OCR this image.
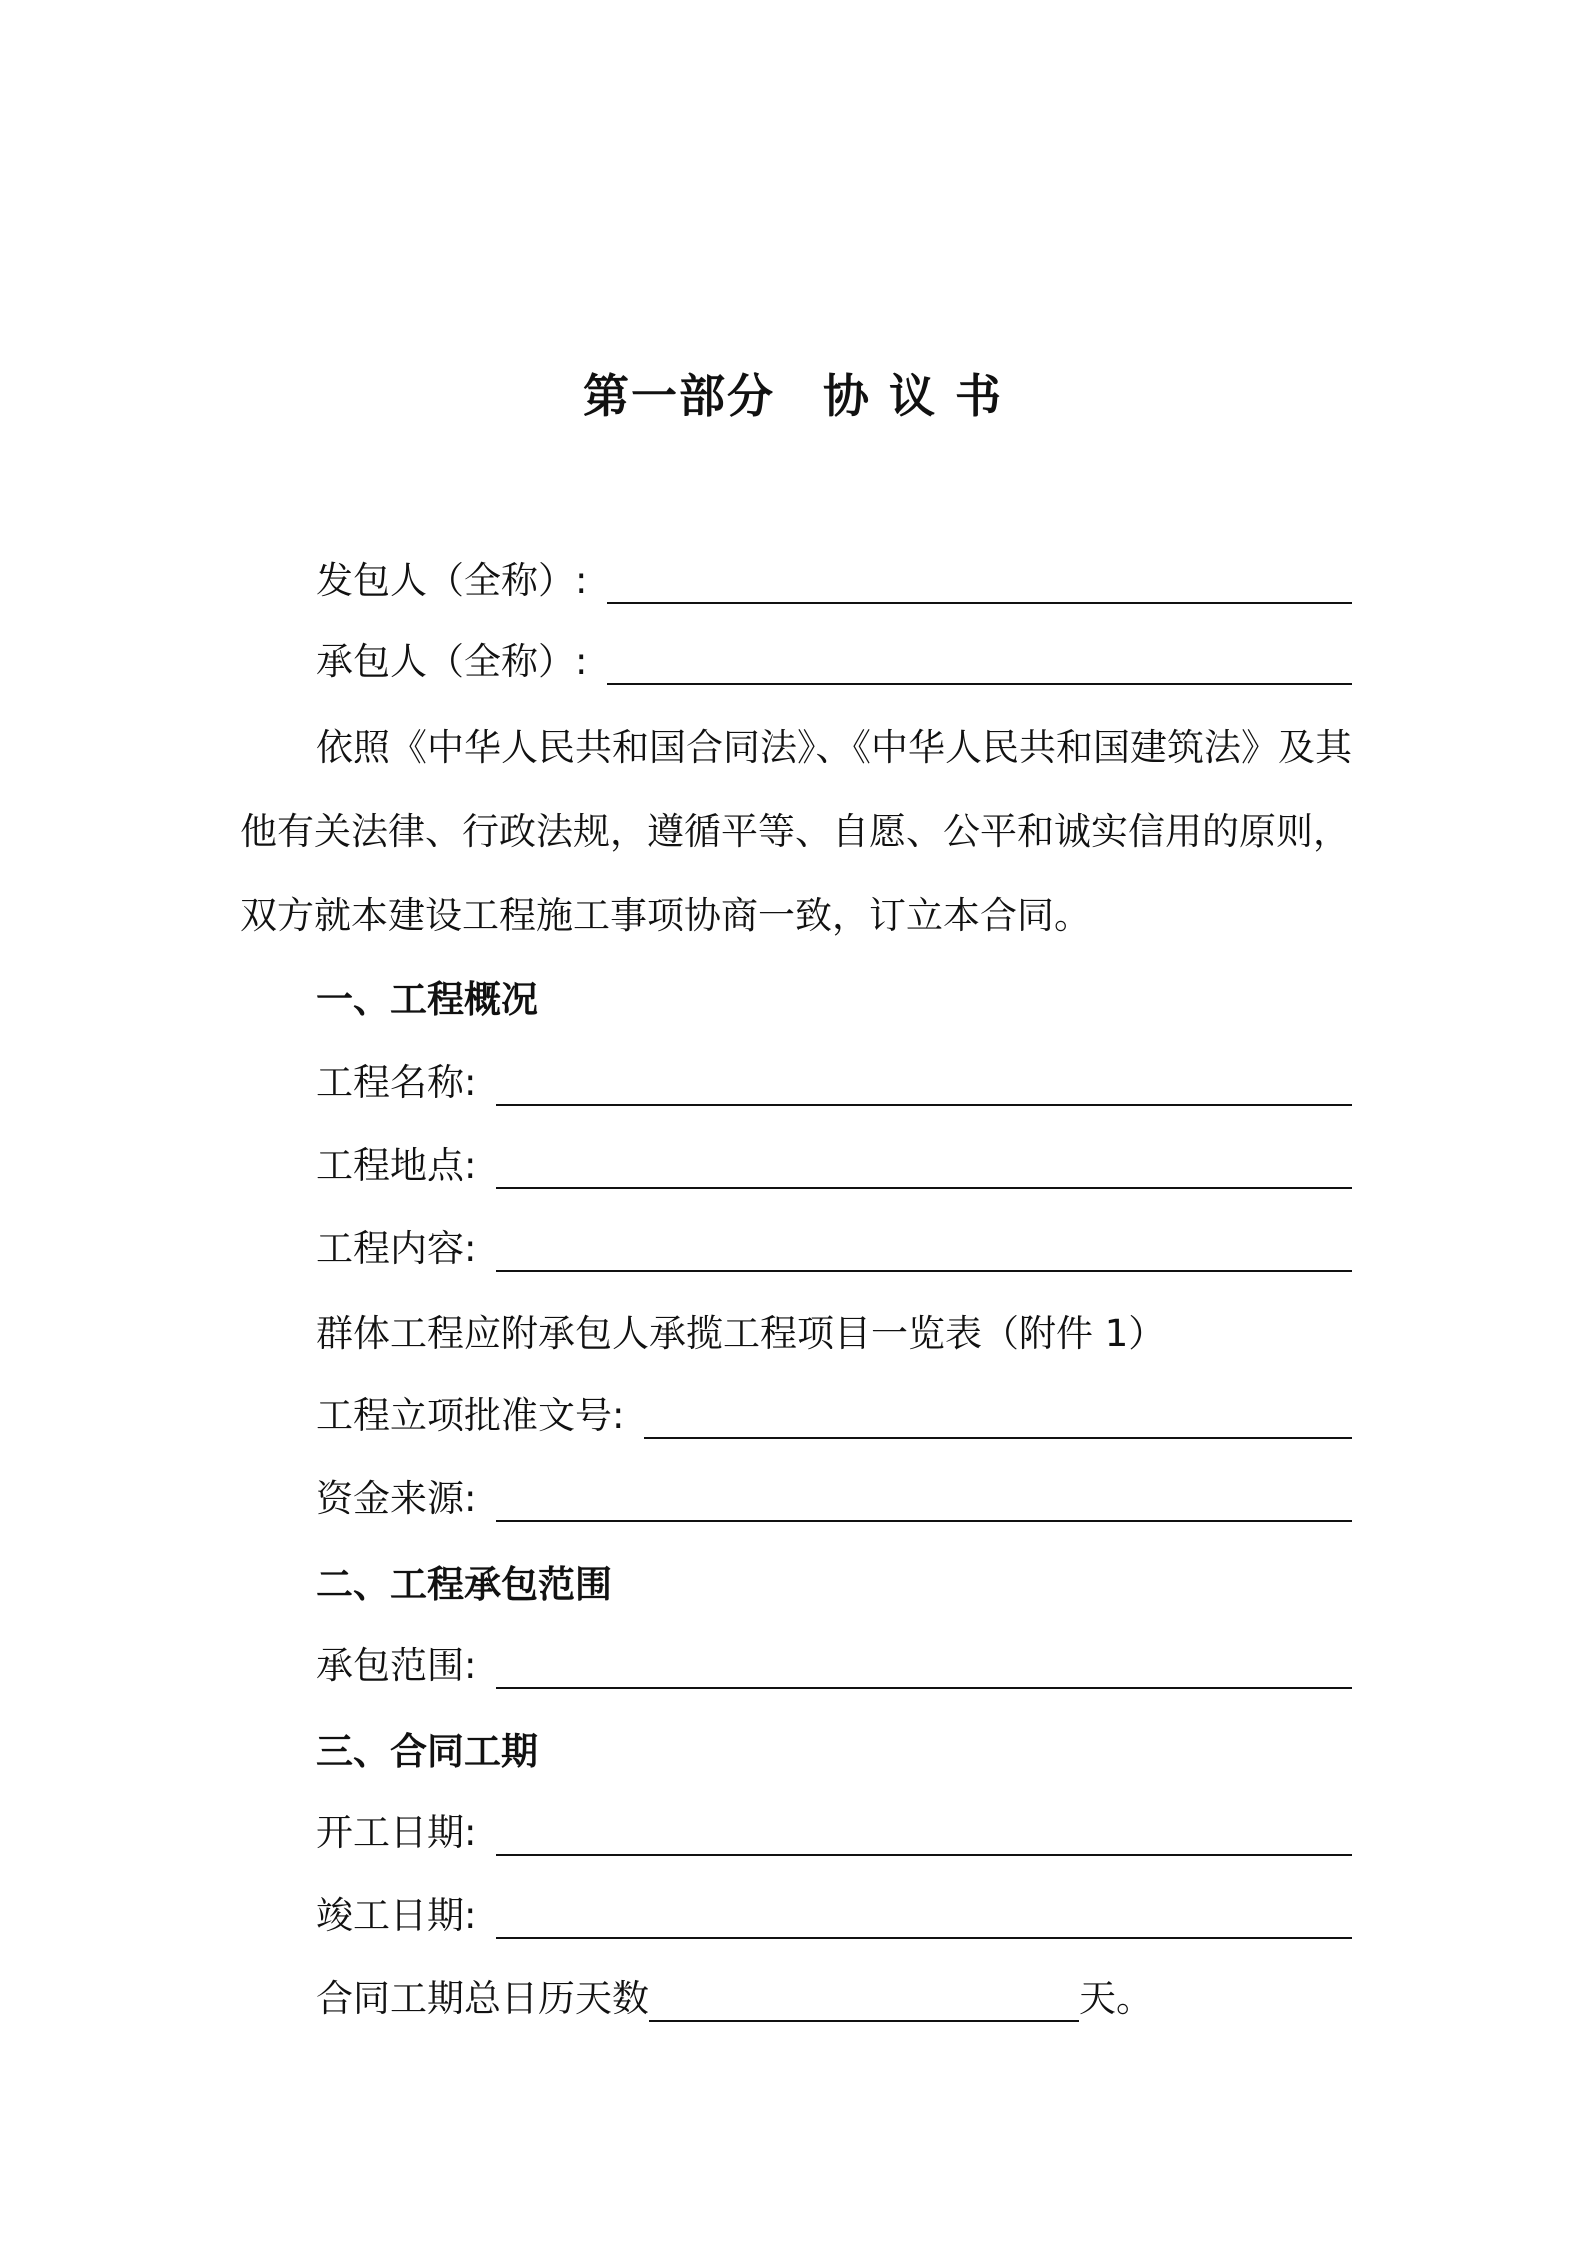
第一部分　协 议 书
发包人（全称）:
承包人（全称）:
依照《中华人民共和国合同法》、《中华人民共和国建筑法》及其
他有关法律、行政法规，遵循平等、自愿、公平和诚实信用的原则，
双方就本建设工程施工事项协商一致，订立本合同。
一、工程概况
工程名称:
工程地点:
工程内容:
群体工程应附承包人承揽工程项目一览表（附件 1）
工程立项批准文号:
资金来源:
二、工程承包范围
承包范围:
三、合同工期
开工日期:
竣工日期:
合同工期总日历天数	天。
